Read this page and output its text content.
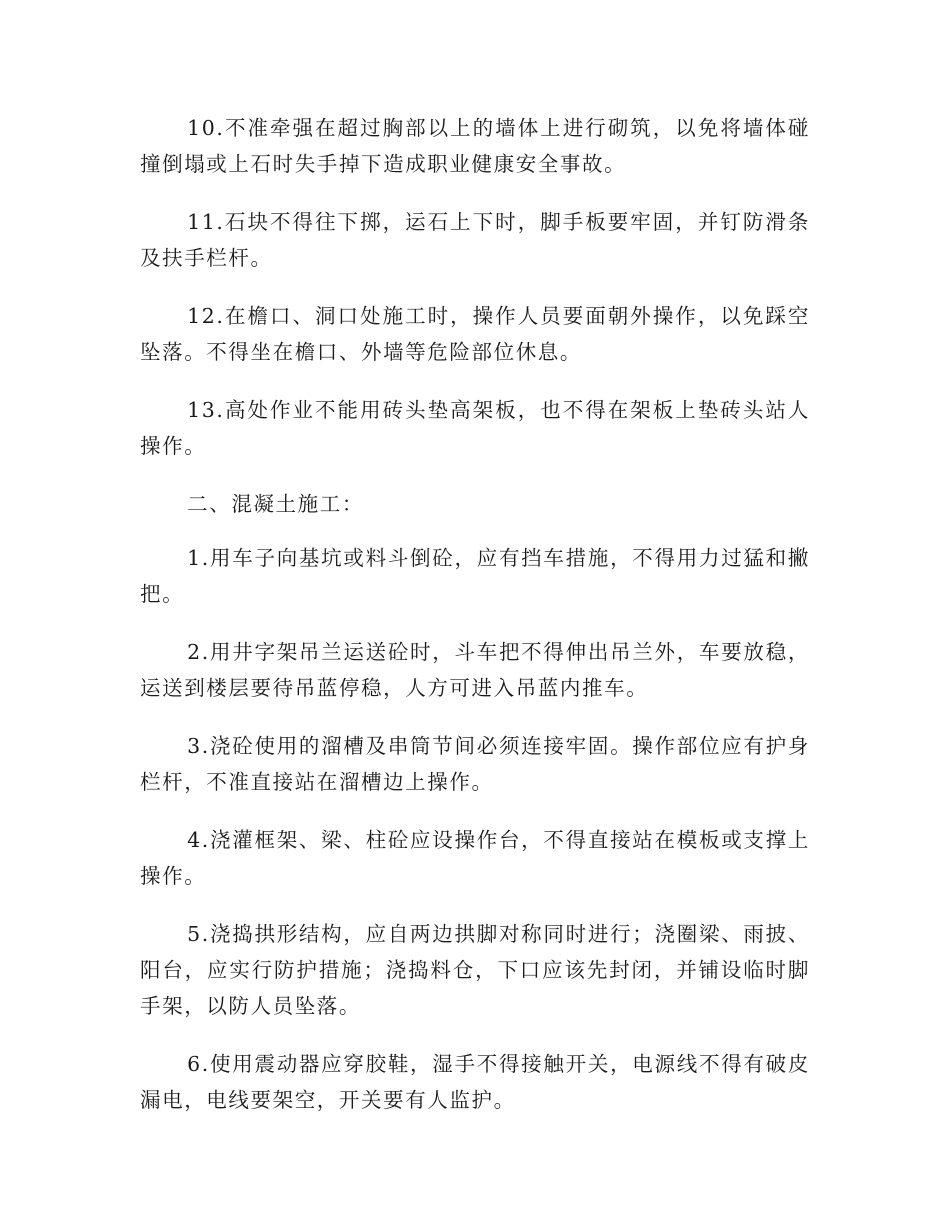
10.不准牵强在超过胸部以上的墙体上进行砌筑，以免将墙体碰撞倒塌或上石时失手掉下造成职业健康安全事故。

11.石块不得往下掷，运石上下时，脚手板要牢固，并钉防滑条及扶手栏杆。

12.在檐口、洞口处施工时，操作人员要面朝外操作，以免踩空坠落。不得坐在檐口、外墙等危险部位休息。

13.高处作业不能用砖头垫高架板，也不得在架板上垫砖头站人操作。

二、混凝土施工：

1.用车子向基坑或料斗倒砼，应有挡车措施，不得用力过猛和撇把。

2.用井字架吊兰运送砼时，斗车把不得伸出吊兰外，车要放稳，运送到楼层要待吊蓝停稳，人方可进入吊蓝内推车。

3.浇砼使用的溜槽及串筒节间必须连接牢固。操作部位应有护身栏杆，不准直接站在溜槽边上操作。

4.浇灌框架、梁、柱砼应设操作台，不得直接站在模板或支撑上操作。

5.浇捣拱形结构，应自两边拱脚对称同时进行；浇圈梁、雨披、阳台，应实行防护措施；浇捣料仓，下口应该先封闭，并铺设临时脚手架，以防人员坠落。

6.使用震动器应穿胶鞋，湿手不得接触开关，电源线不得有破皮漏电，电线要架空，开关要有人监护。
